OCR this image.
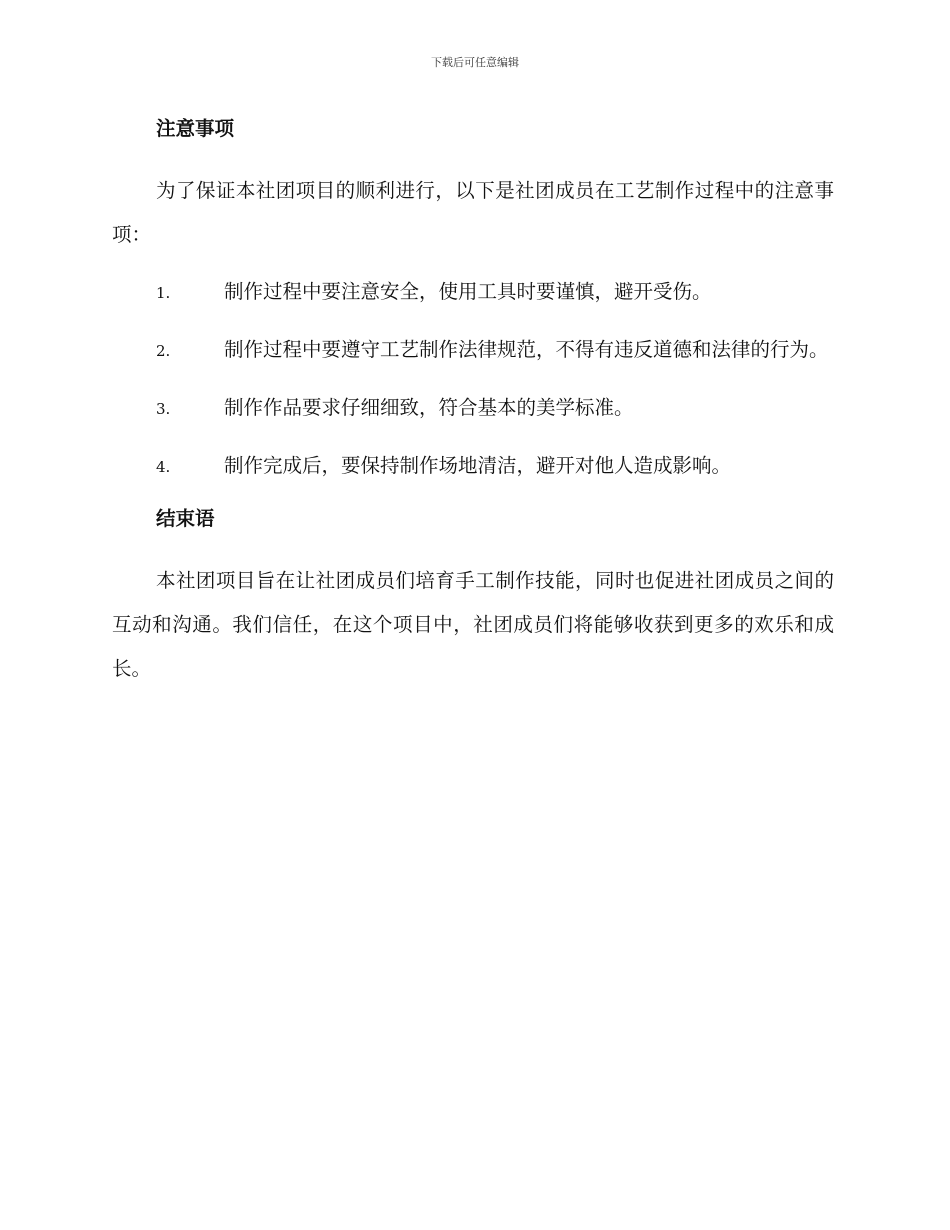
下载后可任意编辑

注意事项

为了保证本社团项目的顺利进行，以下是社团成员在工艺制作过程中的注意事项：

1.	制作过程中要注意安全，使用工具时要谨慎，避开受伤。

2.	制作过程中要遵守工艺制作法律规范，不得有违反道德和法律的行为。

3.	制作作品要求仔细细致，符合基本的美学标准。

4.	制作完成后，要保持制作场地清洁，避开对他人造成影响。

结束语

本社团项目旨在让社团成员们培育手工制作技能，同时也促进社团成员之间的互动和沟通。我们信任，在这个项目中，社团成员们将能够收获到更多的欢乐和成长。
